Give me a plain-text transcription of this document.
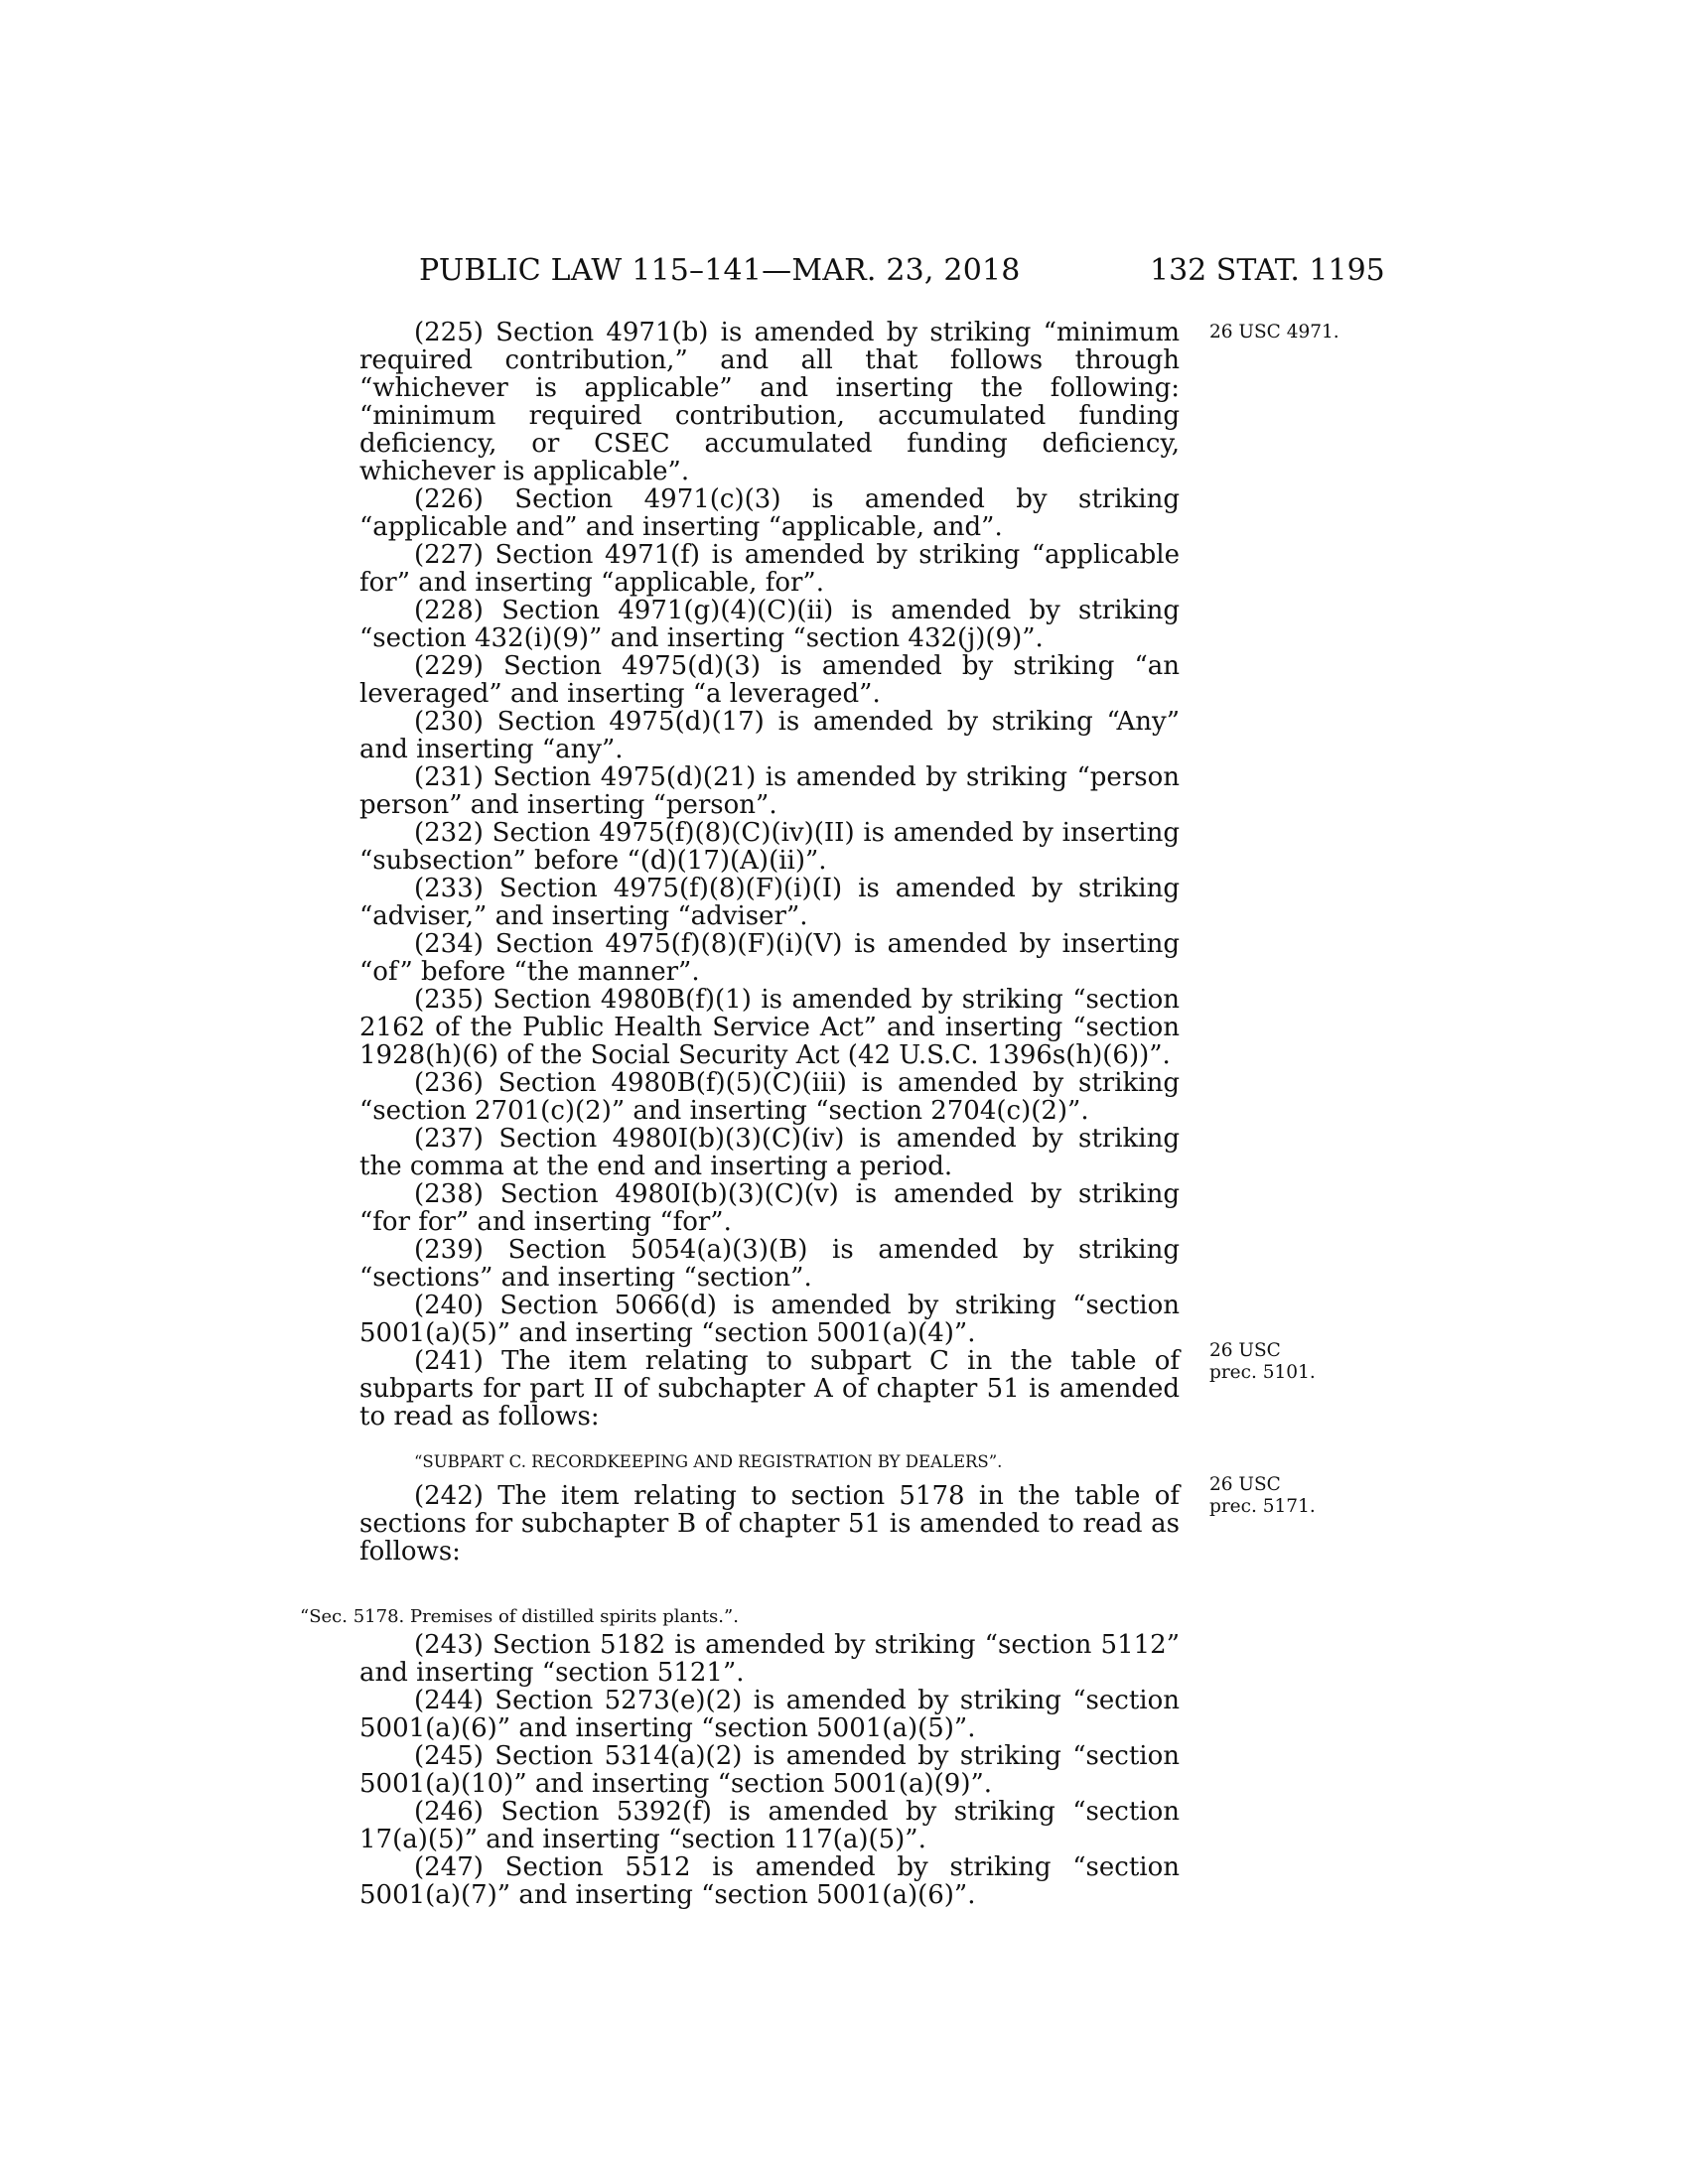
PUBLIC LAW 115–141—MAR. 23, 2018	132 STAT. 1195
26 USC 4971.
26 USC
prec. 5101.
26 USC
prec. 5171.

(225) Section 4971(b) is amended by striking “minimum required contribution,” and all that follows through “whichever is applicable” and inserting the following: “minimum required contribution, accumulated funding deficiency, or CSEC accumulated funding deficiency, whichever is applicable”.

(226) Section 4971(c)(3) is amended by striking “applicable and” and inserting “applicable, and”.

(227) Section 4971(f) is amended by striking “applicable for” and inserting “applicable, for”.

(228) Section 4971(g)(4)(C)(ii) is amended by striking “section 432(i)(9)” and inserting “section 432(j)(9)”.

(229) Section 4975(d)(3) is amended by striking “an leveraged” and inserting “a leveraged”.

(230) Section 4975(d)(17) is amended by striking “Any” and inserting “any”.

(231) Section 4975(d)(21) is amended by striking “person person” and inserting “person”.

(232) Section 4975(f)(8)(C)(iv)(II) is amended by inserting “subsection” before “(d)(17)(A)(ii)”.

(233) Section 4975(f)(8)(F)(i)(I) is amended by striking “adviser,” and inserting “adviser”.

(234) Section 4975(f)(8)(F)(i)(V) is amended by inserting “of” before “the manner”.

(235) Section 4980B(f)(1) is amended by striking “section 2162 of the Public Health Service Act” and inserting “section 1928(h)(6) of the Social Security Act (42 U.S.C. 1396s(h)(6))”.

(236) Section 4980B(f)(5)(C)(iii) is amended by striking “section 2701(c)(2)” and inserting “section 2704(c)(2)”.

(237) Section 4980I(b)(3)(C)(iv) is amended by striking the comma at the end and inserting a period.

(238) Section 4980I(b)(3)(C)(v) is amended by striking “for for” and inserting “for”.

(239) Section 5054(a)(3)(B) is amended by striking “sections” and inserting “section”.

(240) Section 5066(d) is amended by striking “section 5001(a)(5)” and inserting “section 5001(a)(4)”.

(241) The item relating to subpart C in the table of subparts for part II of subchapter A of chapter 51 is amended to read as follows:

“SUBPART C. RECORDKEEPING AND REGISTRATION BY DEALERS”.

(242) The item relating to section 5178 in the table of sections for subchapter B of chapter 51 is amended to read as follows:

“Sec. 5178. Premises of distilled spirits plants.”.

(243) Section 5182 is amended by striking “section 5112” and inserting “section 5121”.

(244) Section 5273(e)(2) is amended by striking “section 5001(a)(6)” and inserting “section 5001(a)(5)”.

(245) Section 5314(a)(2) is amended by striking “section 5001(a)(10)” and inserting “section 5001(a)(9)”.

(246) Section 5392(f) is amended by striking “section 17(a)(5)” and inserting “section 117(a)(5)”.

(247) Section 5512 is amended by striking “section 5001(a)(7)” and inserting “section 5001(a)(6)”.
